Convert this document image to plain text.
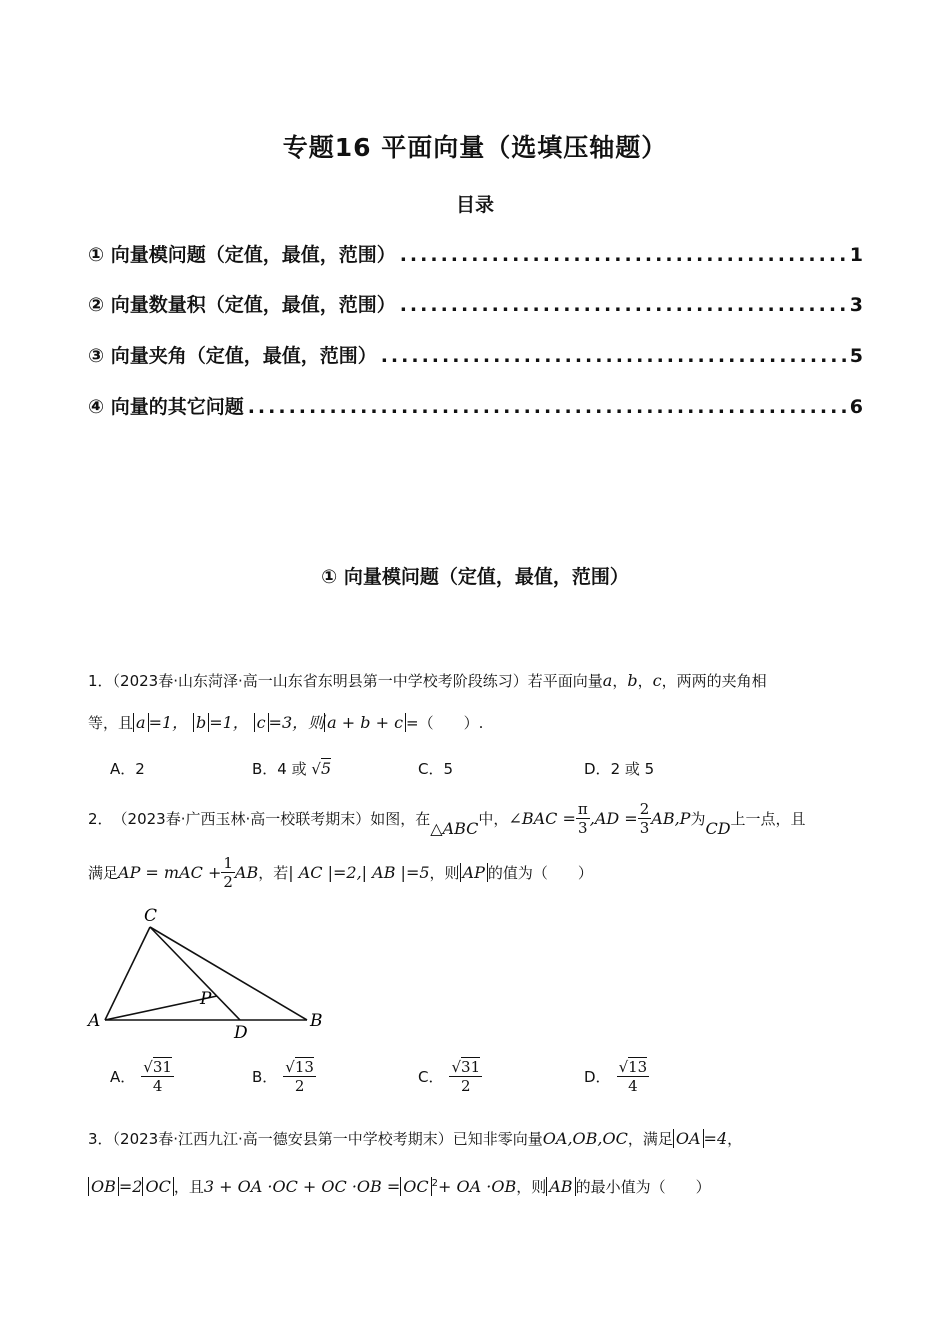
专题16 平面向量（选填压轴题）
目录
① 向量模问题（定值，最值，范围） .....	1
② 向量数量积（定值，最值，范围） .....	3
③ 向量夹角（定值，最值，范围） .....	5
④ 向量的其它问题 .....	6
① 向量模问题（定值，最值，范围）
1．（2023春·山东菏泽·高一山东省东明县第一中学校考阶段练习）若平面向量a，b，c，两两的夹角相
等，且 a =1， b =1， c =3，则 a + b + c =（　　）.
A．2	B．4 或 √5	C．5	D．2 或 5
2． （2023春·广西玉林·高一校联考期末）如图，在 △ABC 中， ∠BAC = $\frac{\pi}{3} ,AD = \frac{2}{3} AB,P$ 为 CD 上一点，且
满足 AP = mAC + $\frac{1}{2}$ AB ，若 | AC |=2,| AB |=5 ，则 AP 的值为（　　）
C
A	B
D
P
A． $\frac{√31}{4}$	B． $\frac{√13}{2}$	C． $\frac{√31}{2}$	D． $\frac{√13}{4}$
3．（2023春·江西九江·高一德安县第一中学校考期末）已知非零向量OA,OB,OC，满足 OA =4，
OB =2 OC ，且3 + OA ·OC + OC ·OB = OC $^2$+ OA ·OB，则 AB 的最小值为（　　）
